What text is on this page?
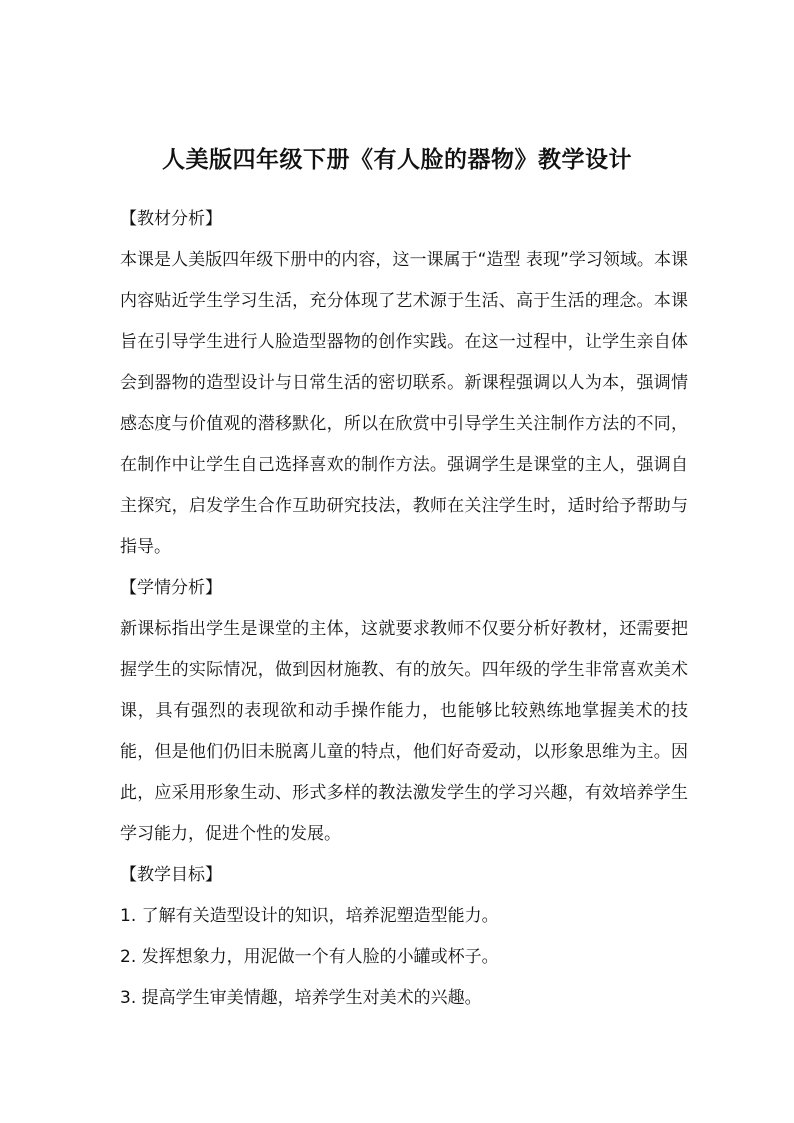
人美版四年级下册《有人脸的器物》教学设计

【教材分析】

本课是人美版四年级下册中的内容，这一课属于“造型 表现”学习领域。本课内容贴近学生学习生活，充分体现了艺术源于生活、高于生活的理念。本课旨在引导学生进行人脸造型器物的创作实践。在这一过程中，让学生亲自体会到器物的造型设计与日常生活的密切联系。新课程强调以人为本，强调情感态度与价值观的潜移默化，所以在欣赏中引导学生关注制作方法的不同，在制作中让学生自己选择喜欢的制作方法。强调学生是课堂的主人，强调自主探究，启发学生合作互助研究技法，教师在关注学生时，适时给予帮助与指导。

【学情分析】

新课标指出学生是课堂的主体，这就要求教师不仅要分析好教材，还需要把握学生的实际情况，做到因材施教、有的放矢。四年级的学生非常喜欢美术课，具有强烈的表现欲和动手操作能力，也能够比较熟练地掌握美术的技能，但是他们仍旧未脱离儿童的特点，他们好奇爱动，以形象思维为主。因此，应采用形象生动、形式多样的教法激发学生的学习兴趣，有效培养学生学习能力，促进个性的发展。

【教学目标】

1. 了解有关造型设计的知识，培养泥塑造型能力。

2. 发挥想象力，用泥做一个有人脸的小罐或杯子。

3. 提高学生审美情趣，培养学生对美术的兴趣。
